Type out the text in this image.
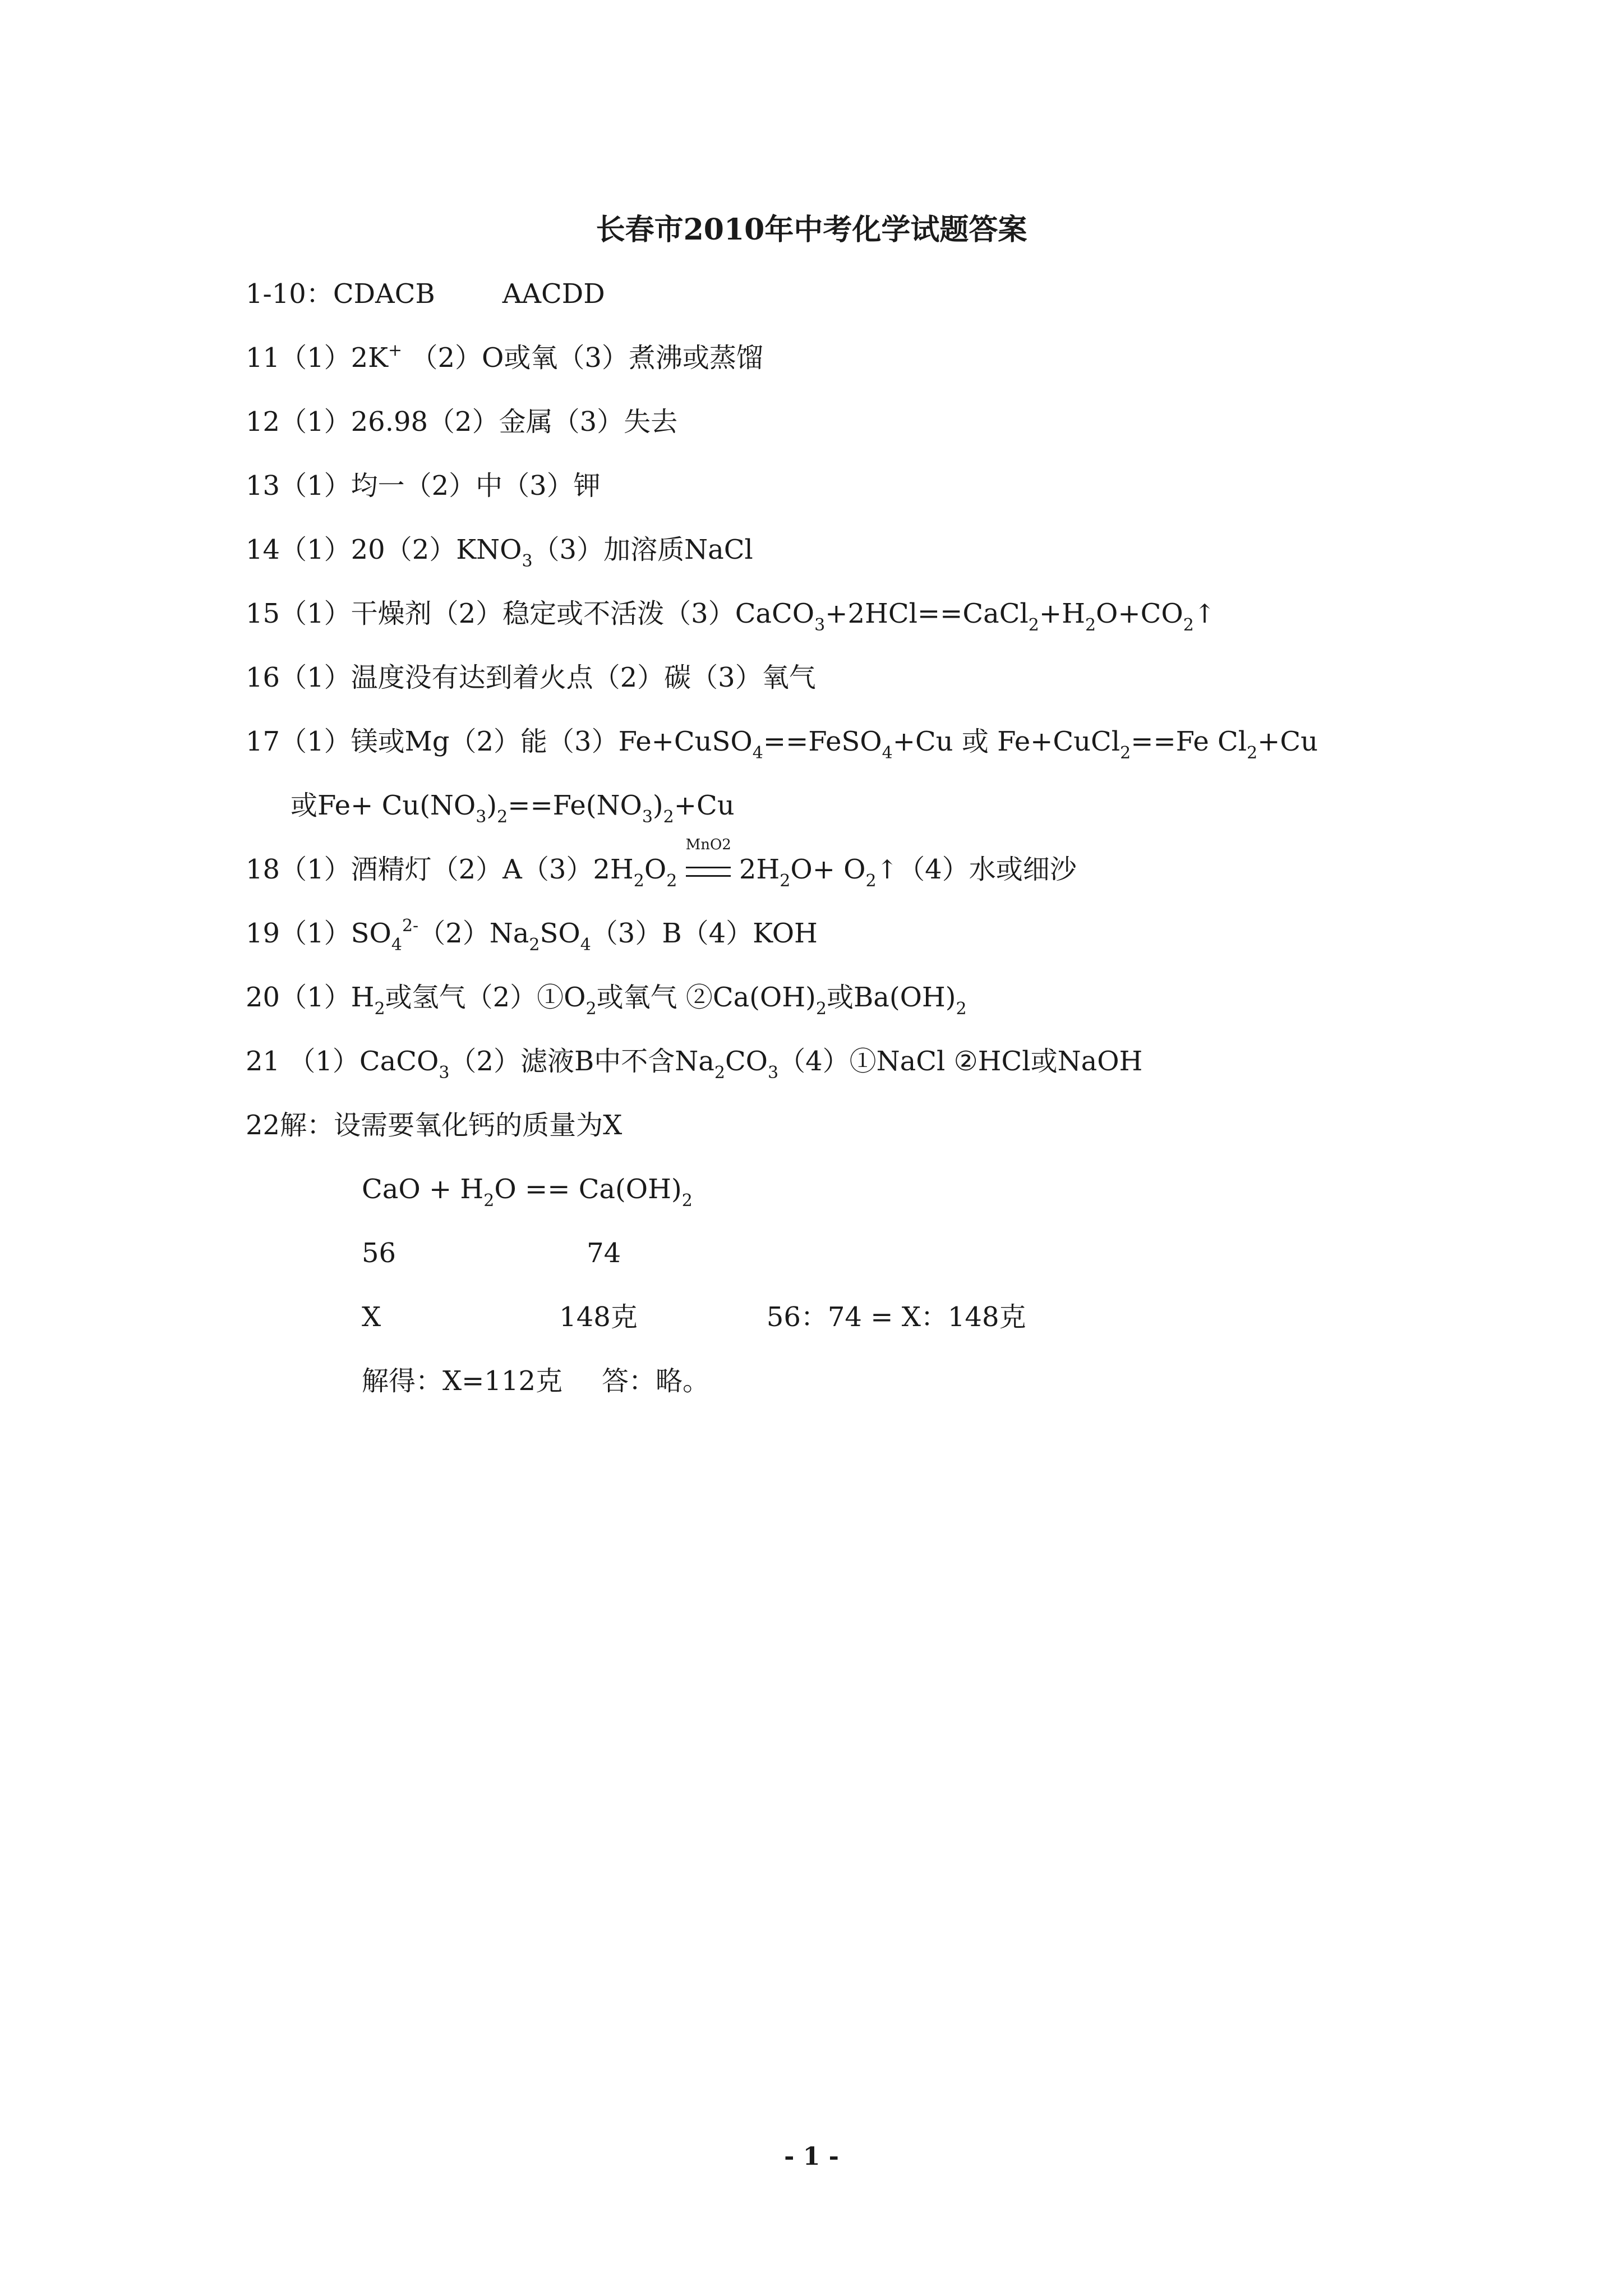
长春市2010年中考化学试题答案
1-10：CDACB	AACDD
11（1）2K+ （2）O或氧（3）煮沸或蒸馏
12（1）26.98（2）金属（3）失去
13（1）均一（2）中（3）钾
$14(1)20(2)KNO_3(3)$加溶质NaCl
15（1）干燥剂（2）稳定或不活泼$(3)CaCO_3+2HCl==CaCl_2+H_2O+CO_2↑$
16（1）温度没有达到着火点（2）碳（3）氧气
17（1）镁或Mg（2）能（3）Fe+CuSO$_4$==FeSO$_4$+Cu 或 Fe+CuCl$_2$==Fe $Cl_2+Cu$
或$Fe+ Cu(NO_3)_2==Fe(NO_3)_2+Cu$
18（1）酒精灯$(2)A(3)2H_2O_2$
MnO2
$2H_2O+$ $O_2↑(4)$水或细沙
$19(1)SO_4^{2-}(2)Na_2SO_4(3)B(4)KOH$
$20(1)H_2$或氢气$(2)①O_2$或氧气 $②Ca(OH)_2$或$Ba(OH)_2$
21 （1）CaCO$_3$（2）滤液B中不含$Na_2CO_3(4)①NaCl$ ②HCl或NaOH
22解：设需要氧化钙的质量为X
CaO + $H_2O == Ca(OH)_2$
56	74
X	148克	56：74 = X：148克
解得：X=112克 答：略。
- 1 -
